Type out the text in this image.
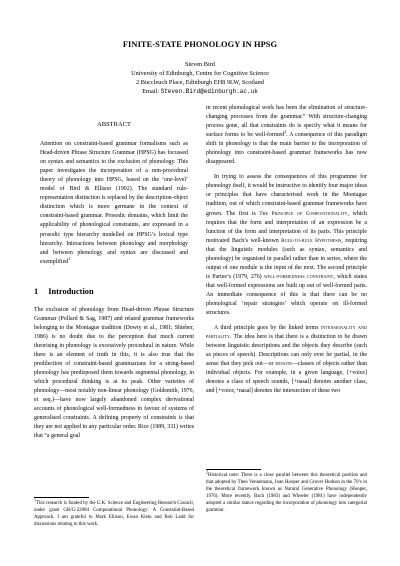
FINITE-STATE PHONOLOGY IN HPSG
Steven Bird
University of Edinburgh, Centre for Cognitive Science
2 Buccleuch Place, Edinburgh EH8 9LW, Scotland
Email: Steven.Bird@edinburgh.ac.uk
ABSTRACT

Attention on constraint-based grammar formalisms such as Head-driven Phrase Structure Grammar (HPSG) has focussed on syntax and semantics to the exclusion of phonology. This paper investigates the incorporation of a non-procedural theory of phonology into HPSG, based on the ‘one-level’ model of Bird & Ellison (1992). The standard rule-representation distinction is replaced by the description-object distinction which is more germane in the context of constraint-based grammar. Prosodic domains, which limit the applicability of phonological constraints, are expressed in a prosodic type hierarchy modelled on HPSG’s lexical type hierarchy. Interactions between phonology and morphology and between phonology and syntax are discussed and exemplified$^1$

1 Introduction

The exclusion of phonology from Head-driven Phrase Structure Grammar (Pollard & Sag, 1987) and related grammar frameworks belonging to the Montague tradition (Dowty et al., 1981; Shieber, 1986) is no doubt due to the perception that much current theorising in phonology is excessively procedural in nature. While there is an element of truth in this, it is also true that the predilection of constraint-based grammarians for a string-based phonology has predisposed them towards segmental phonology, in which procedural thinking is at its peak. Other varieties of phonology—most notably non-linear phonology (Goldsmith, 1976, et seq.)—have now largely abandoned complex derivational accounts of phonological well-formedness in favour of systems of generalised constraints. A defining property of constraints is that they are not applied in any particular order. Rice (1989, 331) writes that “a general goal

in recent phonological work has been the elimination of structure-changing processes from the grammar.” With structure-changing process gone, all that constraints do is specify what it means for surface forms to be well-formed$^2$. A consequence of this paradigm shift in phonology is that the main barrier to the incorporation of phonology into constraint-based grammar frameworks has now disappeared.

In trying to assess the consequences of this programme for phonology itself, it would be instructive to identify four major ideas or principles that have characterised work in the Montague tradition, out of which constraint-based grammar frameworks have grown. The first is The Principle of Compositionality, which requires that the form and interpretation of an expression be a function of the form and interpretation of its parts. This principle motivated Bach’s well-known Rule-to-rule Hypothesis, requiring that the linguistic modules (such as syntax, semantics and phonology) be organised in parallel rather than in series, where the output of one module is the input of the next. The second principle is Partee’s (1979, 276) well-formedness constraint, which states that well-formed expressions are built up out of well-formed parts. An immediate consequence of this is that there can be no phonological ‘repair strategies’ which operate on ill-formed structures.

A third principle goes by the linked terms intensionality and partiality. The idea here is that there is a distinction to be drawn between linguistic descriptions and the objects they describe (such as pieces of speech). Descriptions can only ever be partial, in the sense that they pick out—or denote—classes of objects rather than individual objects. For example, in a given language, [+voice] denotes a class of speech sounds, [+nasal] denotes another class, and [+voice,+nasal] denotes the intersection of these two

$^1$This research is funded by the U.K. Science and Engineering Research Council, under grant GR/G-22084 Computational Phonology: A Constraint-Based Approach. I am grateful to Mark Ellison, Ewan Klein and Bob Ladd for discussions relating to this work.
$^2$Historical note: There is a close parallel between this theoretical position and that adopted by Theo Vennemann, Joan Hooper and Grover Hudson in the 70’s in the theoretical framework known as Natural Generative Phonology (Hooper, 1976). More recently, Bach (1983) and Wheeler (1981) have independently adopted a similar stance regarding the incorporation of phonology into categorial grammar.
